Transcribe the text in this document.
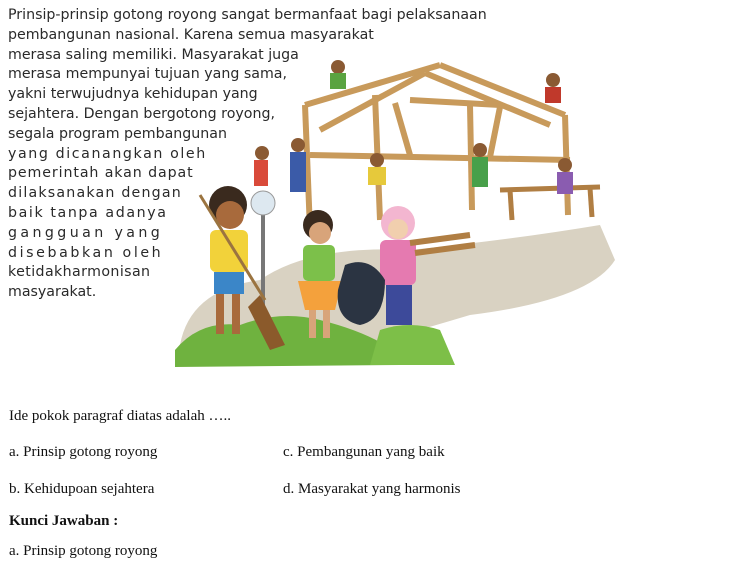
Prinsip-prinsip gotong royong sangat bermanfaat bagi pelaksanaan
pembangunan nasional. Karena semua masyarakat
merasa saling memiliki. Masyarakat juga
merasa mempunyai tujuan yang sama,
yakni terwujudnya kehidupan yang
sejahtera. Dengan bergotong royong,
segala program pembangunan
yang dicanangkan oleh
pemerintah akan dapat
dilaksanakan dengan
baik tanpa adanya
gangguan yang
disebabkan oleh
ketidakharmonisan
masyarakat.
Ide pokok paragraf diatas adalah …..
a. Prinsip gotong royong	c. Pembangunan yang baik
b. Kehidupoan sejahtera	d. Masyarakat yang harmonis
Kunci Jawaban :
a. Prinsip gotong royong
